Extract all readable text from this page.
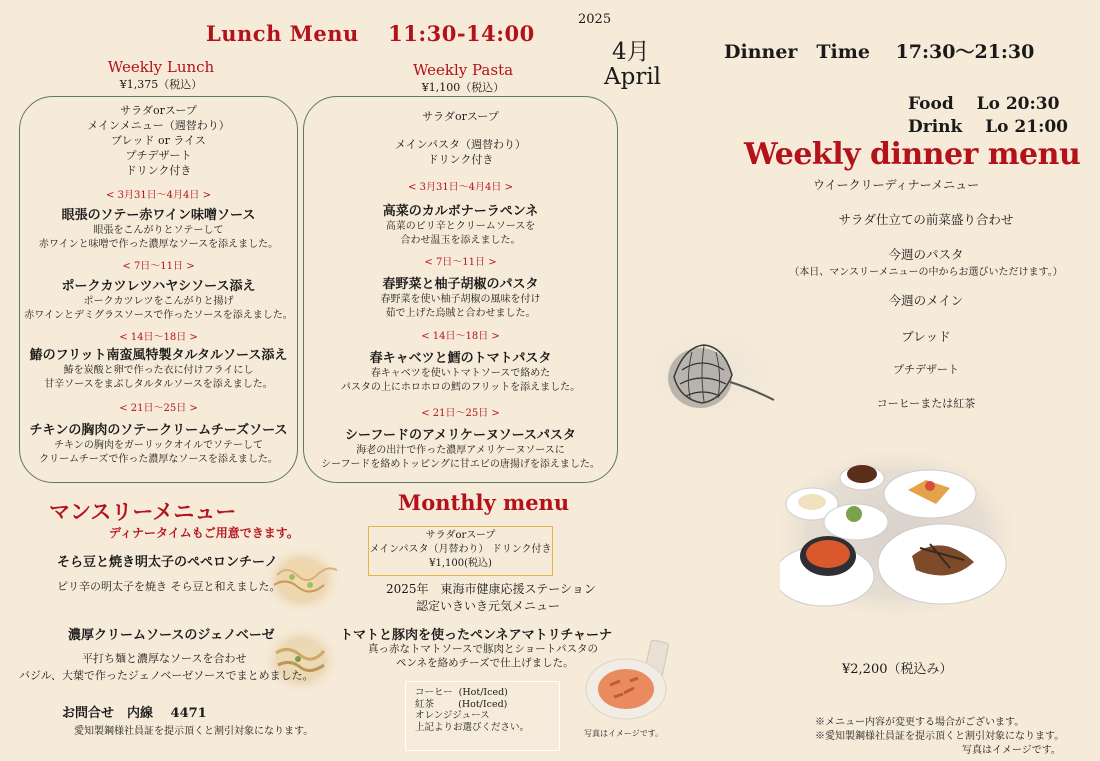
Lunch Menu　 11:30-14:00
2025
4月
April
Weekly Lunch
¥1,375（税込）
サラダorスープ
メインメニュー（週替わり）
ブレッド or ライス
プチデザート
ドリンク付き
< 3月31日～4月4日 >
眼張のソテー赤ワイン味噌ソース
眼張をこんがりとソテーして
赤ワインと味噌で作った濃厚なソースを添えました。
< 7日～11日 >
ポークカツレツハヤシソース添え
ポークカツレツをこんがりと揚げ
赤ワインとデミグラスソースで作ったソースを添えました。
< 14日～18日 >
鰆のフリット南蛮風特製タルタルソース添え
鰆を炭酸と卵で作った衣に付けフライにし
甘辛ソースをまぶしタルタルソースを添えました。
< 21日～25日 >
チキンの胸肉のソテークリームチーズソース
チキンの胸肉をガーリックオイルでソテーして
クリームチーズで作った濃厚なソースを添えました。
Weekly Pasta
¥1,100（税込）
サラダorスープ
メインパスタ（週替わり）
ドリンク付き
< 3月31日～4月4日 >
高菜のカルボナーラペンネ
高菜のピリ辛とクリームソースを
合わせ温玉を添えました。
< 7日～11日 >
春野菜と柚子胡椒のパスタ
春野菜を使い柚子胡椒の風味を付け
茹で上げた烏賊と合わせました。
< 14日～18日 >
春キャベツと鱈のトマトパスタ
春キャベツを使いトマトソースで絡めた
パスタの上にホロホロの鱈のフリットを添えました。
< 21日～25日 >
シーフードのアメリケーヌソースパスタ
海老の出汁で作った濃厚アメリケーヌソースに
シーフードを絡めトッピングに甘エビの唐揚げを添えました。
マンスリーメニュー
ディナータイムもご用意できます。
Monthly menu
サラダorスープ
メインパスタ（月替わり） ドリンク付き
¥1,100(税込)
2025年　東海市健康応援ステーション
認定いきいき元気メニュー
そら豆と焼き明太子のペペロンチーノ
ピリ辛の明太子を焼き そら豆と和えました。
濃厚クリームソースのジェノベーゼ
平打ち麺と濃厚なソースを合わせ
バジル、大葉で作ったジェノベーゼソースでまとめました。
お問合せ　内線　 4471
愛知製鋼様社員証を提示頂くと割引対象になります。
トマトと豚肉を使ったペンネアマトリチャーナ
真っ赤なトマトソースで豚肉とショートパスタの
ペンネを絡めチーズで仕上げました。
コーヒー  (Hot/Iced)
紅茶        (Hot/Iced)
オレンジジュース
上記よりお選びください。
写真はイメージです。
Dinner　Time　 17:30～21:30
Food　 Lo 20:30
Drink　 Lo 21:00
Weekly dinner menu
ウイークリーディナーメニュー
サラダ仕立ての前菜盛り合わせ
今週のパスタ
（本日、マンスリーメニューの中からお選びいただけます。）
今週のメイン
ブレッド
プチデザート
コーヒーまたは紅茶
¥2,200（税込み）
※メニュー内容が変更する場合がございます。
※愛知製鋼様社員証を提示頂くと割引対象になります。
写真はイメージです。
